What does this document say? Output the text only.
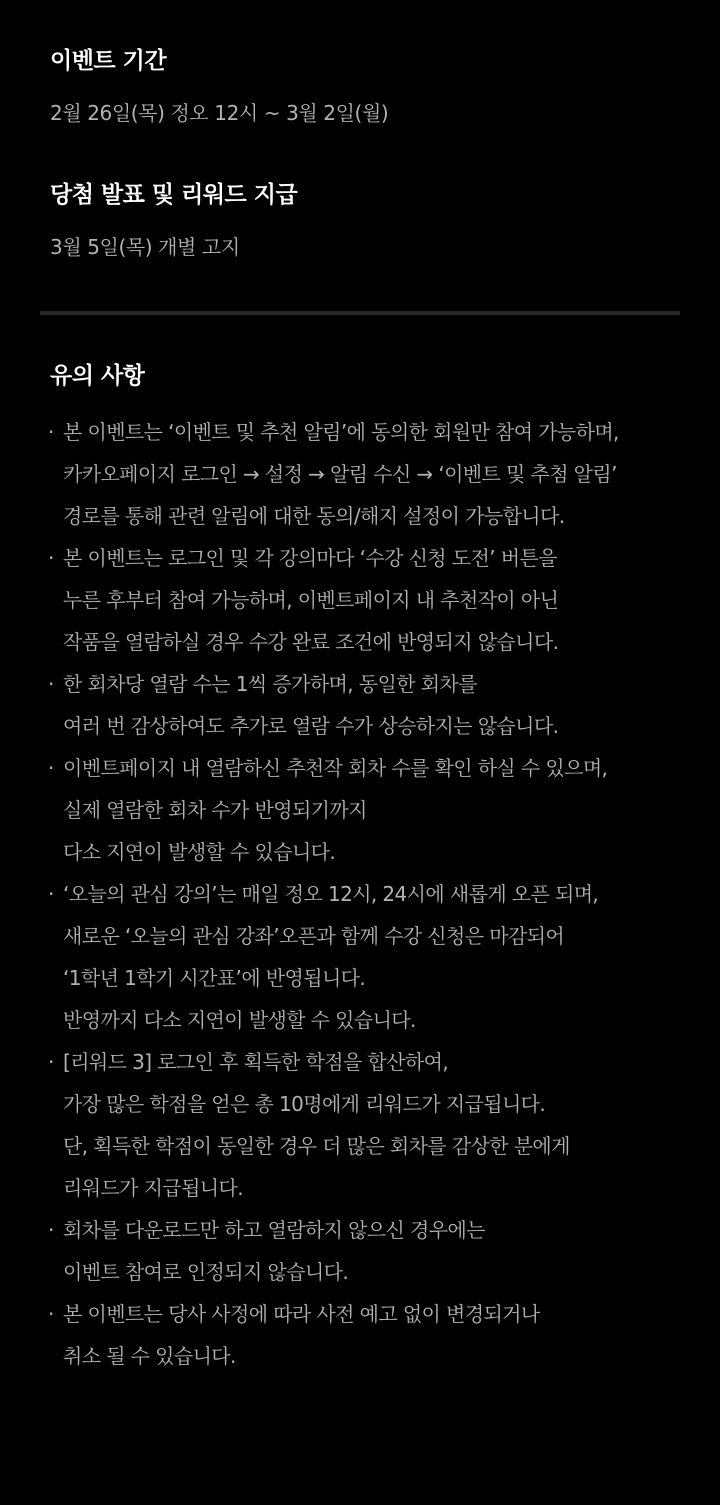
이벤트 기간

2월 26일(목) 정오 12시 ~ 3월 2일(월)

당첨 발표 및 리워드 지급

3월 5일(목) 개별 고지

유의 사항
· 본 이벤트는 ‘이벤트 및 추천 알림’에 동의한 회원만 참여 가능하며,
카카오페이지 로그인 → 설정 → 알림 수신 → ‘이벤트 및 추첨 알림’
경로를 통해 관련 알림에 대한 동의/해지 설정이 가능합니다.
· 본 이벤트는 로그인 및 각 강의마다 ‘수강 신청 도전’ 버튼을
누른 후부터 참여 가능하며, 이벤트페이지 내 추천작이 아닌
작품을 열람하실 경우 수강 완료 조건에 반영되지 않습니다.
· 한 회차당 열람 수는 1씩 증가하며, 동일한 회차를
여러 번 감상하여도 추가로 열람 수가 상승하지는 않습니다.
· 이벤트페이지 내 열람하신 추천작 회차 수를 확인 하실 수 있으며,
실제 열람한 회차 수가 반영되기까지
다소 지연이 발생할 수 있습니다.
· ‘오늘의 관심 강의’는 매일 정오 12시, 24시에 새롭게 오픈 되며,
새로운 ‘오늘의 관심 강좌’오픈과 함께 수강 신청은 마감되어
‘1학년 1학기 시간표’에 반영됩니다.
반영까지 다소 지연이 발생할 수 있습니다.
· [리워드 3] 로그인 후 획득한 학점을 합산하여,
가장 많은 학점을 얻은 총 10명에게 리워드가 지급됩니다.
단, 획득한 학점이 동일한 경우 더 많은 회차를 감상한 분에게
리워드가 지급됩니다.
· 회차를 다운로드만 하고 열람하지 않으신 경우에는
이벤트 참여로 인정되지 않습니다.
· 본 이벤트는 당사 사정에 따라 사전 예고 없이 변경되거나
취소 될 수 있습니다.
